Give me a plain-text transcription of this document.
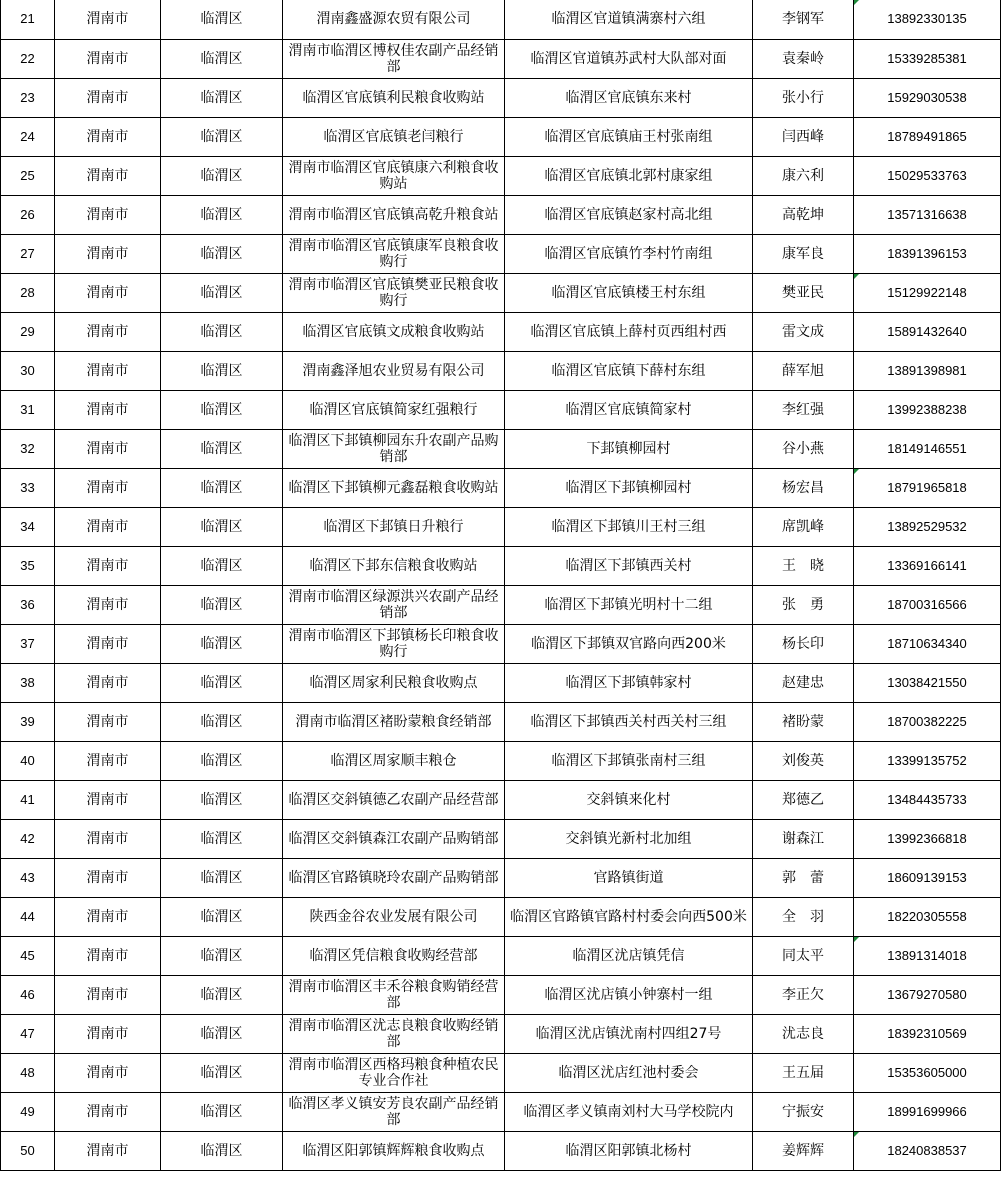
21	渭南市	临渭区	渭南鑫盛源农贸有限公司	临渭区官道镇满寨村六组	李钢军	13892330135

22	渭南市	临渭区	渭南市临渭区博权佳农副产品经销部	临渭区官道镇苏武村大队部对面	袁秦岭	15339285381
23	渭南市	临渭区	临渭区官底镇利民粮食收购站	临渭区官底镇东来村	张小行	15929030538
24	渭南市	临渭区	临渭区官底镇老闫粮行	临渭区官底镇庙王村张南组	闫西峰	18789491865
25	渭南市	临渭区	渭南市临渭区官底镇康六利粮食收购站	临渭区官底镇北郭村康家组	康六利	15029533763
26	渭南市	临渭区	渭南市临渭区官底镇高乾升粮食站	临渭区官底镇赵家村高北组	高乾坤	13571316638
27	渭南市	临渭区	渭南市临渭区官底镇康军良粮食收购行	临渭区官底镇竹李村竹南组	康军良	18391396153
28	渭南市	临渭区	渭南市临渭区官底镇樊亚民粮食收购行	临渭区官底镇楼王村东组	樊亚民	15129922148

29	渭南市	临渭区	临渭区官底镇文成粮食收购站	临渭区官底镇上薛村页西组村西	雷文成	15891432640
30	渭南市	临渭区	渭南鑫泽旭农业贸易有限公司	临渭区官底镇下薛村东组	薛军旭	13891398981
31	渭南市	临渭区	临渭区官底镇简家红强粮行	临渭区官底镇简家村	李红强	13992388238
32	渭南市	临渭区	临渭区下邽镇柳园东升农副产品购销部	下邽镇柳园村	谷小燕	18149146551
33	渭南市	临渭区	临渭区下邽镇柳元鑫磊粮食收购站	临渭区下邽镇柳园村	杨宏昌	18791965818

34	渭南市	临渭区	临渭区下邽镇日升粮行	临渭区下邽镇川王村三组	席凯峰	13892529532
35	渭南市	临渭区	临渭区下邽东信粮食收购站	临渭区下邽镇西关村	王　晓	13369166141
36	渭南市	临渭区	渭南市临渭区绿源洪兴农副产品经销部	临渭区下邽镇光明村十二组	张　勇	18700316566
37	渭南市	临渭区	渭南市临渭区下邽镇杨长印粮食收购行	临渭区下邽镇双官路向西200米	杨长印	18710634340
38	渭南市	临渭区	临渭区周家利民粮食收购点	临渭区下邽镇韩家村	赵建忠	13038421550
39	渭南市	临渭区	渭南市临渭区褚盼蒙粮食经销部	临渭区下邽镇西关村西关村三组	褚盼蒙	18700382225
40	渭南市	临渭区	临渭区周家顺丰粮仓	临渭区下邽镇张南村三组	刘俊英	13399135752
41	渭南市	临渭区	临渭区交斜镇德乙农副产品经营部	交斜镇来化村	郑德乙	13484435733
42	渭南市	临渭区	临渭区交斜镇森江农副产品购销部	交斜镇光新村北加组	谢森江	13992366818
43	渭南市	临渭区	临渭区官路镇晓玲农副产品购销部	官路镇街道	郭　蕾	18609139153
44	渭南市	临渭区	陕西金谷农业发展有限公司	临渭区官路镇官路村村委会向西500米	全　羽	18220305558
45	渭南市	临渭区	临渭区凭信粮食收购经营部	临渭区沋店镇凭信	同太平	13891314018

46	渭南市	临渭区	渭南市临渭区丰禾谷粮食购销经营部	临渭区沋店镇小钟寨村一组	李正欠	13679270580
47	渭南市	临渭区	渭南市临渭区沋志良粮食收购经销部	临渭区沋店镇沋南村四组27号	沋志良	18392310569
48	渭南市	临渭区	渭南市临渭区西格玛粮食种植农民专业合作社	临渭区沋店红池村委会	王五届	15353605000
49	渭南市	临渭区	临渭区孝义镇安芳良农副产品经销部	临渭区孝义镇南刘村大马学校院内	宁振安	18991699966
50	渭南市	临渭区	临渭区阳郭镇辉辉粮食收购点	临渭区阳郭镇北杨村	姜辉辉	18240838537
